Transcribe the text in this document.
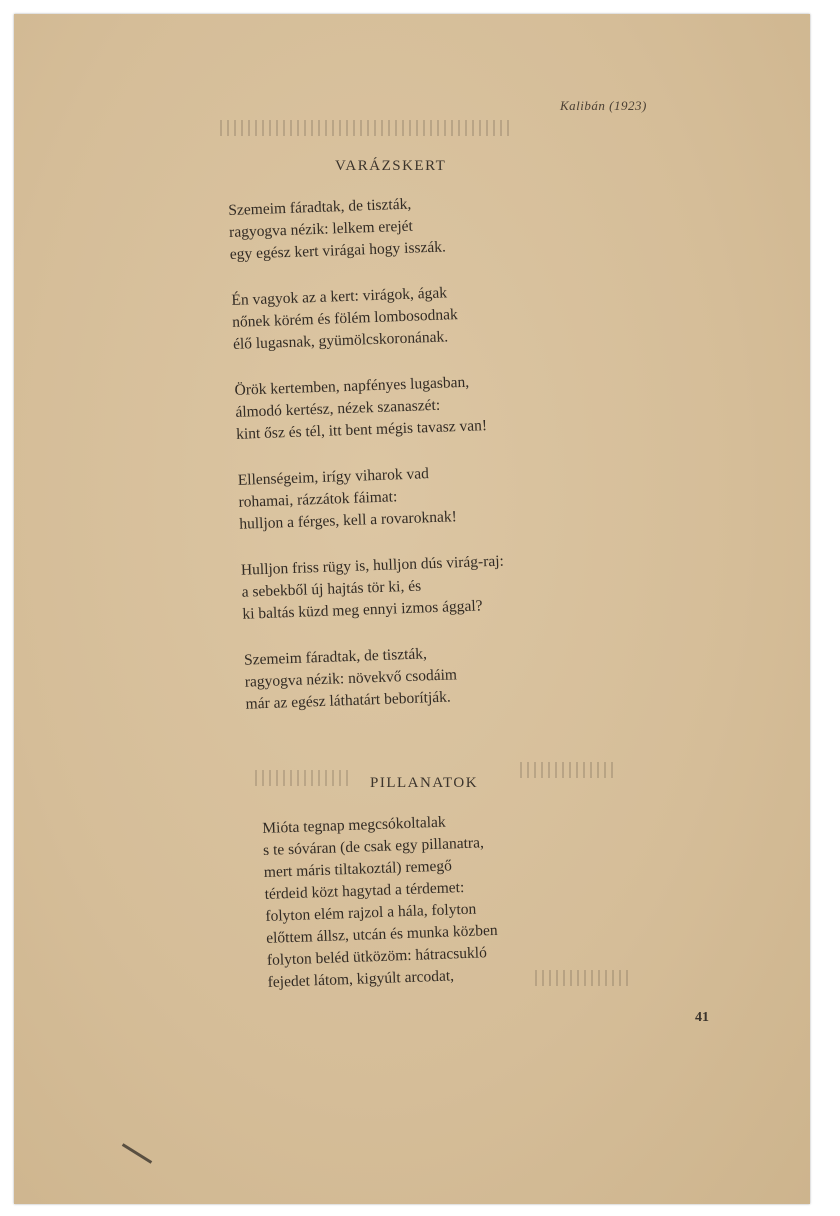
Kalibán (1923)
VARÁZSKERT
Szemeim fáradtak, de tiszták,
ragyogva nézik: lelkem erejét
egy egész kert virágai hogy isszák.
Én vagyok az a kert: virágok, ágak
nőnek körém és fölém lombosodnak
élő lugasnak, gyümölcskoronának.
Örök kertemben, napfényes lugasban,
álmodó kertész, nézek szanaszét:
kint ősz és tél, itt bent mégis tavasz van!
Ellenségeim, irígy viharok vad
rohamai, rázzátok fáimat:
hulljon a férges, kell a rovaroknak!
Hulljon friss rügy is, hulljon dús virág-raj:
a sebekből új hajtás tör ki, és
ki baltás küzd meg ennyi izmos ággal?
Szemeim fáradtak, de tiszták,
ragyogva nézik: növekvő csodáim
már az egész láthatárt beborítják.
PILLANATOK
Mióta tegnap megcsókoltalak
s te sóváran (de csak egy pillanatra,
mert máris tiltakoztál) remegő
térdeid közt hagytad a térdemet:
folyton elém rajzol a hála, folyton
előttem állsz, utcán és munka közben
folyton beléd ütközöm: hátracsukló
fejedet látom, kigyúlt arcodat,
41
